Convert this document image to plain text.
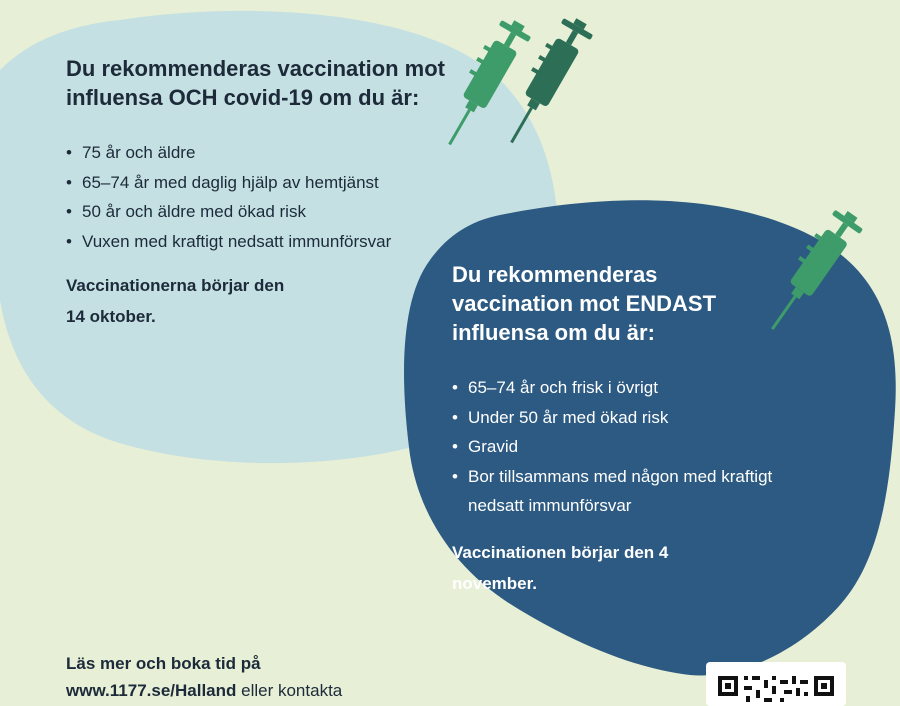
Du rekommenderas vaccination mot influensa OCH covid-19 om du är:
• 75 år och äldre
• 65–74 år med daglig hjälp av hemtjänst
• 50 år och äldre med ökad risk
• Vuxen med kraftigt nedsatt immunförsvar

Vaccinationerna börjar den 14 oktober.

Du rekommenderas vaccination mot ENDAST influensa om du är:
• 65–74 år och frisk i övrigt
• Under 50 år med ökad risk
• Gravid
• Bor tillsammans med någon med kraftigt nedsatt immunförsvar

Vaccinationen börjar den 4 november.

Läs mer och boka tid på
www.1177.se/Halland eller kontakta
